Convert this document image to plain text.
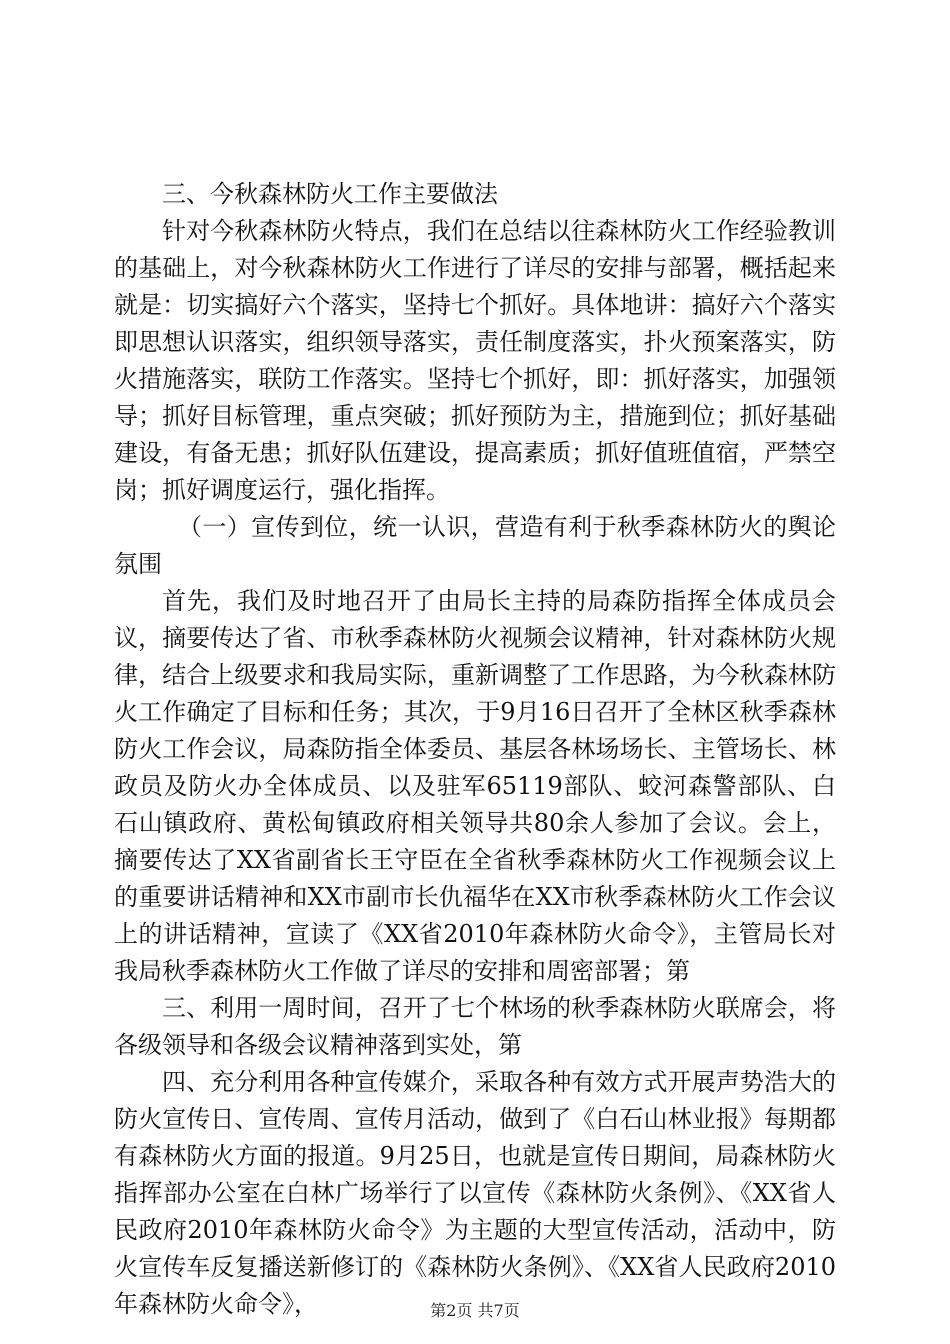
三、今秋森林防火工作主要做法

针对今秋森林防火特点，我们在总结以往森林防火工作经验教训的基础上，对今秋森林防火工作进行了详尽的安排与部署，概括起来就是：切实搞好六个落实，坚持七个抓好。具体地讲：搞好六个落实即思想认识落实，组织领导落实，责任制度落实，扑火预案落实，防火措施落实，联防工作落实。坚持七个抓好，即：抓好落实，加强领导；抓好目标管理，重点突破；抓好预防为主，措施到位；抓好基础建设，有备无患；抓好队伍建设，提高素质；抓好值班值宿，严禁空岗；抓好调度运行，强化指挥。

（一）宣传到位，统一认识，营造有利于秋季森林防火的舆论氛围

首先，我们及时地召开了由局长主持的局森防指挥全体成员会议，摘要传达了省、市秋季森林防火视频会议精神，针对森林防火规律，结合上级要求和我局实际，重新调整了工作思路，为今秋森林防火工作确定了目标和任务；其次，于9月16日召开了全林区秋季森林防火工作会议，局森防指全体委员、基层各林场场长、主管场长、林政员及防火办全体成员、以及驻军65119部队、蛟河森警部队、白石山镇政府、黄松甸镇政府相关领导共80余人参加了会议。会上，摘要传达了XX省副省长王守臣在全省秋季森林防火工作视频会议上的重要讲话精神和XX市副市长仇福华在XX市秋季森林防火工作会议上的讲话精神，宣读了《XX省2010年森林防火命令》，主管局长对我局秋季森林防火工作做了详尽的安排和周密部署；第

三、利用一周时间，召开了七个林场的秋季森林防火联席会，将各级领导和各级会议精神落到实处，第

四、充分利用各种宣传媒介，采取各种有效方式开展声势浩大的防火宣传日、宣传周、宣传月活动，做到了《白石山林业报》每期都有森林防火方面的报道。9月25日，也就是宣传日期间，局森林防火指挥部办公室在白林广场举行了以宣传《森林防火条例》、《XX省人民政府2010年森林防火命令》为主题的大型宣传活动，活动中，防火宣传车反复播送新修订的《森林防火条例》、《XX省人民政府2010年森林防火命令》，	第2页 共7页
